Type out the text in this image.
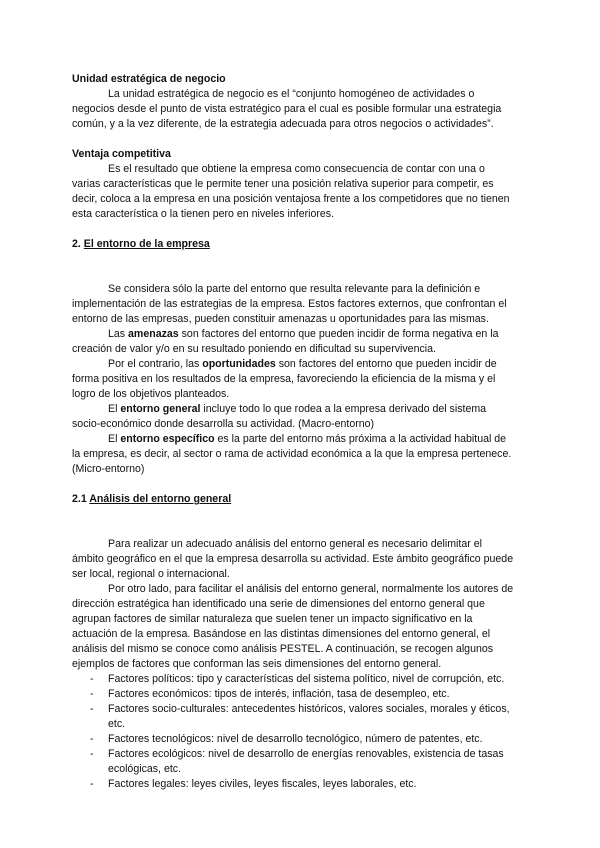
Unidad estratégica de negocio

La unidad estratégica de negocio es el “conjunto homogéneo de actividades o negocios desde el punto de vista estratégico para el cual es posible formular una estrategia común, y a la vez diferente, de la estrategia adecuada para otros negocios o actividades”.

Ventaja competitiva

Es el resultado que obtiene la empresa como consecuencia de contar con una o varias características que le permite tener una posición relativa superior para competir, es decir, coloca a la empresa en una posición ventajosa frente a los competidores que no tienen esta característica o la tienen pero en niveles inferiores.

2. El entorno de la empresa

Se considera sólo la parte del entorno que resulta relevante para la definición e implementación de las estrategias de la empresa. Estos factores externos, que confrontan el entorno de las empresas, pueden constituir amenazas u oportunidades para las mismas.

Las amenazas son factores del entorno que pueden incidir de forma negativa en la creación de valor y/o en su resultado poniendo en dificultad su supervivencia.

Por el contrario, las oportunidades son factores del entorno que pueden incidir de forma positiva en los resultados de la empresa, favoreciendo la eficiencia de la misma y el logro de los objetivos planteados.

El entorno general incluye todo lo que rodea a la empresa derivado del sistema socio-económico donde desarrolla su actividad. (Macro-entorno)

El entorno específico es la parte del entorno más próxima a la actividad habitual de la empresa, es decir, al sector o rama de actividad económica a la que la empresa pertenece. (Micro-entorno)

2.1 Análisis del entorno general

Para realizar un adecuado análisis del entorno general es necesario delimitar el ámbito geográfico en el que la empresa desarrolla su actividad. Este ámbito geográfico puede ser local, regional o internacional.

Por otro lado, para facilitar el análisis del entorno general, normalmente los autores de dirección estratégica han identificado una serie de dimensiones del entorno general que agrupan factores de similar naturaleza que suelen tener un impacto significativo en la actuación de la empresa. Basándose en las distintas dimensiones del entorno general, el análisis del mismo se conoce como análisis PESTEL. A continuación, se recogen algunos ejemplos de factores que conforman las seis dimensiones del entorno general.

- Factores políticos: tipo y características del sistema político, nivel de corrupción, etc.
- Factores económicos: tipos de interés, inflación, tasa de desempleo, etc.
- Factores socio-culturales: antecedentes históricos, valores sociales, morales y éticos, etc.
- Factores tecnológicos: nivel de desarrollo tecnológico, número de patentes, etc.
- Factores ecológicos: nivel de desarrollo de energías renovables, existencia de tasas ecológicas, etc.
- Factores legales: leyes civiles, leyes fiscales, leyes laborales, etc.
